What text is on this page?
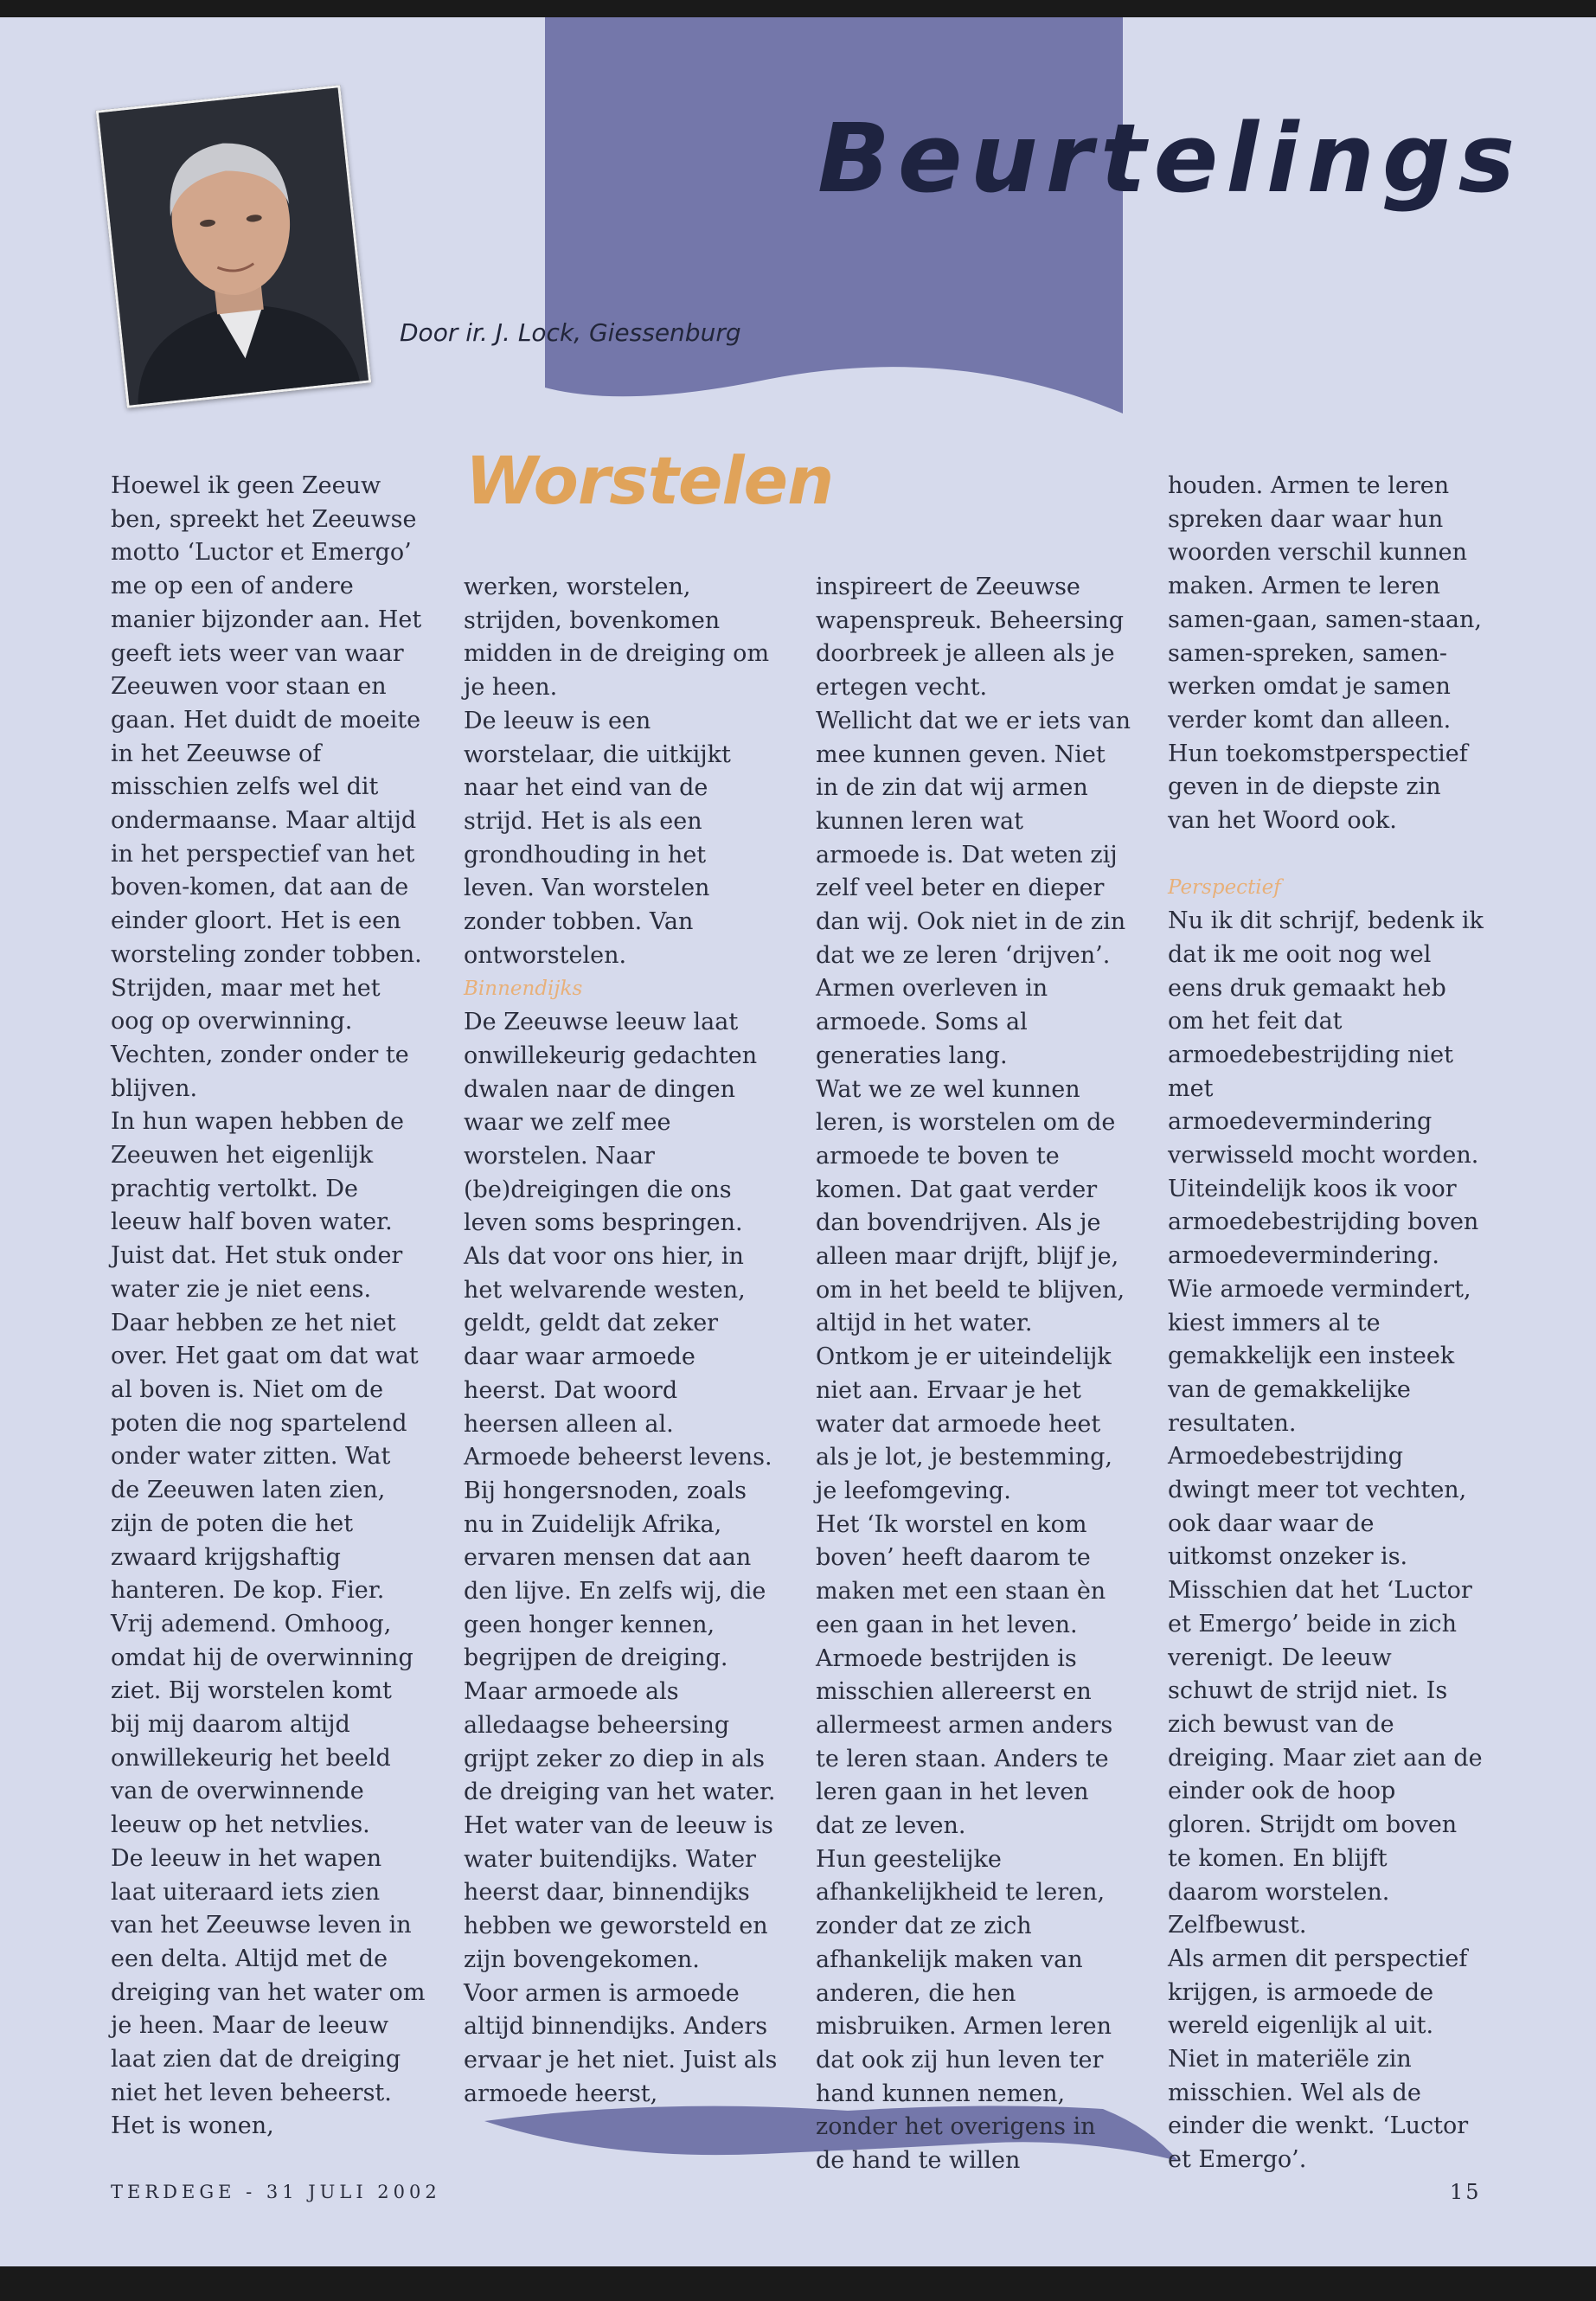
Beurtelings

Door ir. J. Lock, Giessenburg

Worstelen

Hoewel ik geen Zeeuw ben, spreekt het Zeeuwse motto ‘Luctor et Emergo’ me op een of andere manier bijzonder aan. Het geeft iets weer van waar Zeeuwen voor staan en gaan. Het duidt de moeite in het Zeeuwse of misschien zelfs wel dit ondermaanse. Maar altijd in het perspectief van het boven-komen, dat aan de einder gloort. Het is een worsteling zonder tobben. Strijden, maar met het oog op overwinning. Vechten, zonder onder te blijven.

In hun wapen hebben de Zeeuwen het eigenlijk prachtig vertolkt. De leeuw half boven water. Juist dat. Het stuk onder water zie je niet eens. Daar hebben ze het niet over. Het gaat om dat wat al boven is. Niet om de poten die nog spartelend onder water zitten. Wat de Zeeuwen laten zien, zijn de poten die het zwaard krijgshaftig hanteren. De kop. Fier. Vrij ademend. Omhoog, omdat hij de overwinning ziet. Bij worstelen komt bij mij daarom altijd onwillekeurig het beeld van de overwinnende leeuw op het netvlies.

De leeuw in het wapen laat uiteraard iets zien van het Zeeuwse leven in een delta. Altijd met de dreiging van het water om je heen. Maar de leeuw laat zien dat de dreiging niet het leven beheerst. Het is wonen,

werken, worstelen, strijden, bovenkomen midden in de dreiging om je heen.

De leeuw is een worstelaar, die uitkijkt naar het eind van de strijd. Het is als een grondhouding in het leven. Van worstelen zonder tobben. Van ontworstelen.

Binnendijks

De Zeeuwse leeuw laat onwillekeurig gedachten dwalen naar de dingen waar we zelf mee worstelen. Naar (be)dreigingen die ons leven soms bespringen. Als dat voor ons hier, in het welvarende westen, geldt, geldt dat zeker daar waar armoede heerst. Dat woord heersen alleen al. Armoede beheerst levens. Bij hongersnoden, zoals nu in Zuidelijk Afrika, ervaren mensen dat aan den lijve. En zelfs wij, die geen honger kennen, begrijpen de dreiging.

Maar armoede als alledaagse beheersing grijpt zeker zo diep in als de dreiging van het water. Het water van de leeuw is water buitendijks. Water heerst daar, binnendijks hebben we geworsteld en zijn bovengekomen.

Voor armen is armoede altijd binnendijks. Anders ervaar je het niet. Juist als armoede heerst,

inspireert de Zeeuwse wapenspreuk. Beheersing doorbreek je alleen als je ertegen vecht.

Wellicht dat we er iets van mee kunnen geven. Niet in de zin dat wij armen kunnen leren wat armoede is. Dat weten zij zelf veel beter en dieper dan wij. Ook niet in de zin dat we ze leren ‘drijven’. Armen overleven in armoede. Soms al generaties lang.

Wat we ze wel kunnen leren, is worstelen om de armoede te boven te komen. Dat gaat verder dan bovendrijven. Als je alleen maar drijft, blijf je, om in het beeld te blijven, altijd in het water. Ontkom je er uiteindelijk niet aan. Ervaar je het water dat armoede heet als je lot, je bestemming, je leefomgeving.

Het ‘Ik worstel en kom boven’ heeft daarom te maken met een staan èn een gaan in het leven. Armoede bestrijden is misschien allereerst en allermeest armen anders te leren staan. Anders te leren gaan in het leven dat ze leven.

Hun geestelijke afhankelijkheid te leren, zonder dat ze zich afhankelijk maken van anderen, die hen misbruiken. Armen leren dat ook zij hun leven ter hand kunnen nemen, zonder het overigens in de hand te willen

houden. Armen te leren spreken daar waar hun woorden verschil kunnen maken. Armen te leren samen-gaan, samen-staan, samen-spreken, samen-werken omdat je samen verder komt dan alleen. Hun toekomstperspectief geven in de diepste zin van het Woord ook.

Perspectief

Nu ik dit schrijf, bedenk ik dat ik me ooit nog wel eens druk gemaakt heb om het feit dat armoedebestrijding niet met armoedevermindering verwisseld mocht worden. Uiteindelijk koos ik voor armoedebestrijding boven armoedevermindering. Wie armoede vermindert, kiest immers al te gemakkelijk een insteek van de gemakkelijke resultaten. Armoedebestrijding dwingt meer tot vechten, ook daar waar de uitkomst onzeker is.

Misschien dat het ‘Luctor et Emergo’ beide in zich verenigt. De leeuw schuwt de strijd niet. Is zich bewust van de dreiging. Maar ziet aan de einder ook de hoop gloren. Strijdt om boven te komen. En blijft daarom worstelen. Zelfbewust.

Als armen dit perspectief krijgen, is armoede de wereld eigenlijk al uit. Niet in materiële zin misschien. Wel als de einder die wenkt. ‘Luctor et Emergo’.

TERDEGE - 31 JULI 2002	15
